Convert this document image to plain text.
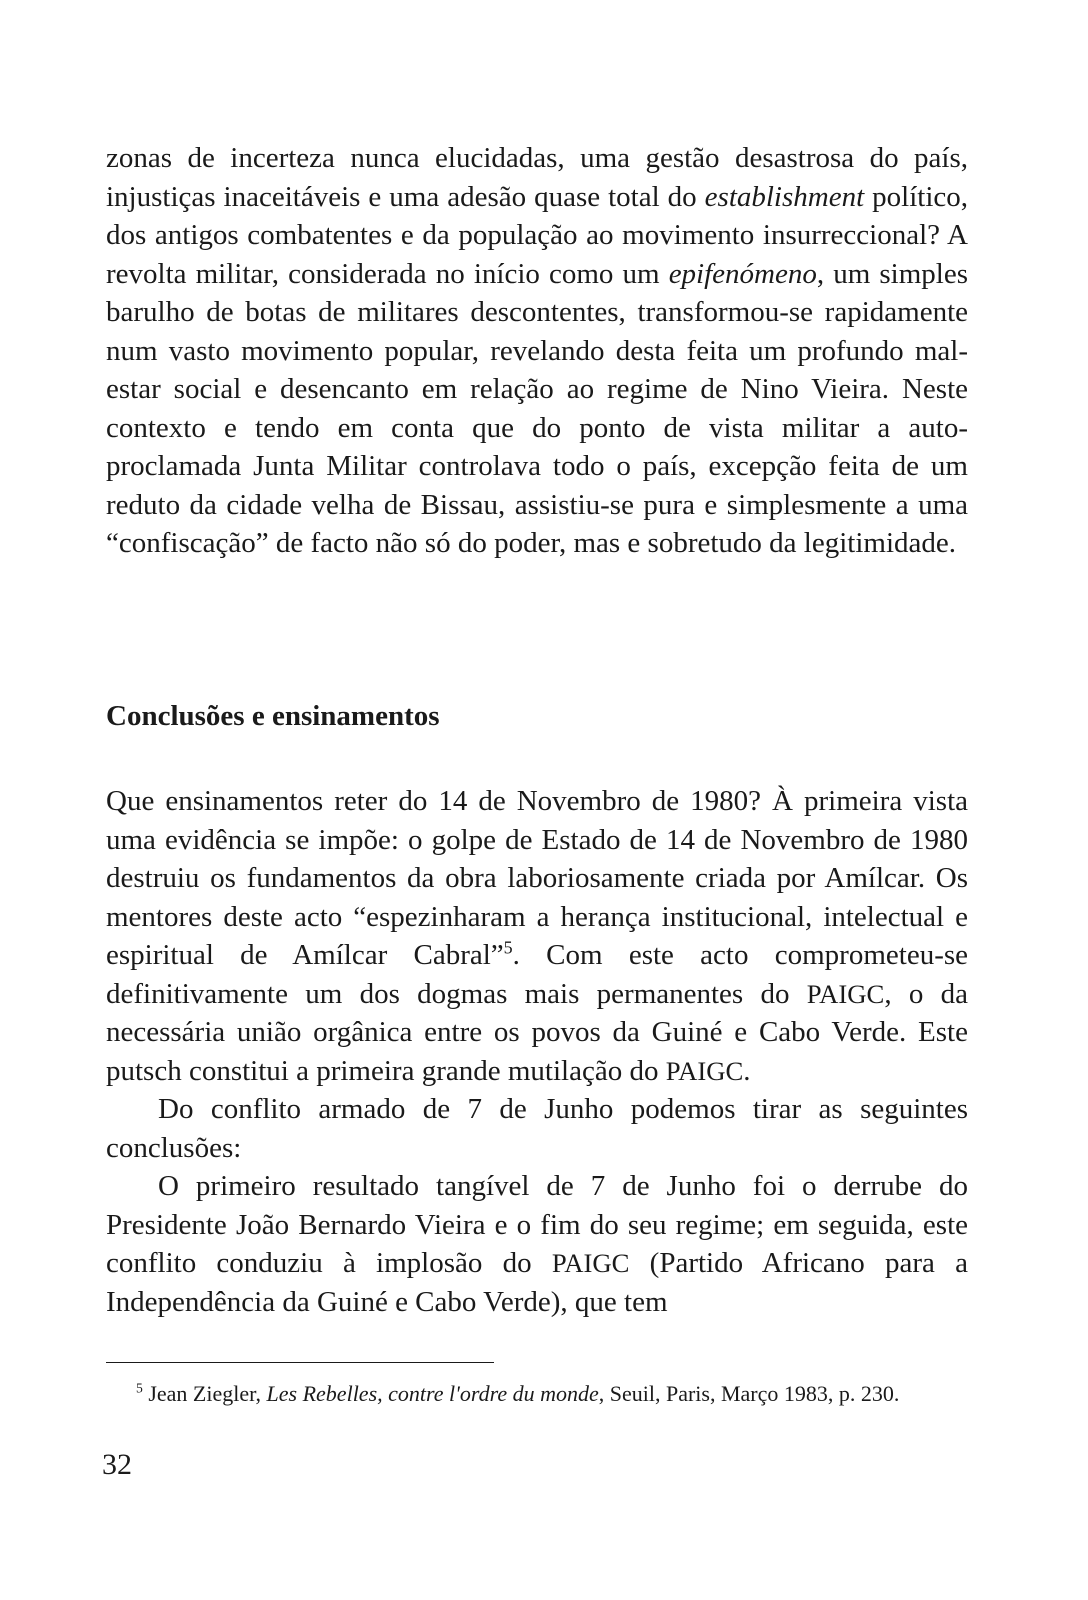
zonas de incerteza nunca elucidadas, uma gestão desastrosa do país, injustiças inaceitáveis e uma adesão quase total do establishment político, dos antigos combatentes e da população ao movimento insurreccional? A revolta militar, considerada no início como um epifenómeno, um simples barulho de botas de militares descontentes, transformou-se rapidamente num vasto movimento popular, revelando desta feita um profundo mal-estar social e desencanto em relação ao regime de Nino Vieira. Neste contexto e tendo em conta que do ponto de vista militar a auto-proclamada Junta Militar controlava todo o país, excepção feita de um reduto da cidade velha de Bissau, assistiu-se pura e simplesmente a uma “confiscação” de facto não só do poder, mas e sobretudo da legitimidade.

Conclusões e ensinamentos

Que ensinamentos reter do 14 de Novembro de 1980? À primeira vista uma evidência se impõe: o golpe de Estado de 14 de Novembro de 1980 destruiu os fundamentos da obra laboriosamente criada por Amílcar. Os mentores deste acto “espezinharam a herança institucional, intelectual e espiritual de Amílcar Cabral”$^5$. Com este acto comprometeu-se definitivamente um dos dogmas mais permanentes do PAIGC, o da necessária união orgânica entre os povos da Guiné e Cabo Verde. Este putsch constitui a primeira grande mutilação do PAIGC.

Do conflito armado de 7 de Junho podemos tirar as seguintes conclusões:

O primeiro resultado tangível de 7 de Junho foi o derrube do Presidente João Bernardo Vieira e o fim do seu regime; em seguida, este conflito conduziu à implosão do PAIGC (Partido Africano para a Independência da Guiné e Cabo Verde), que tem

$^5$ Jean Ziegler, Les Rebelles, contre l'ordre du monde, Seuil, Paris, Março 1983, p. 230.

32
